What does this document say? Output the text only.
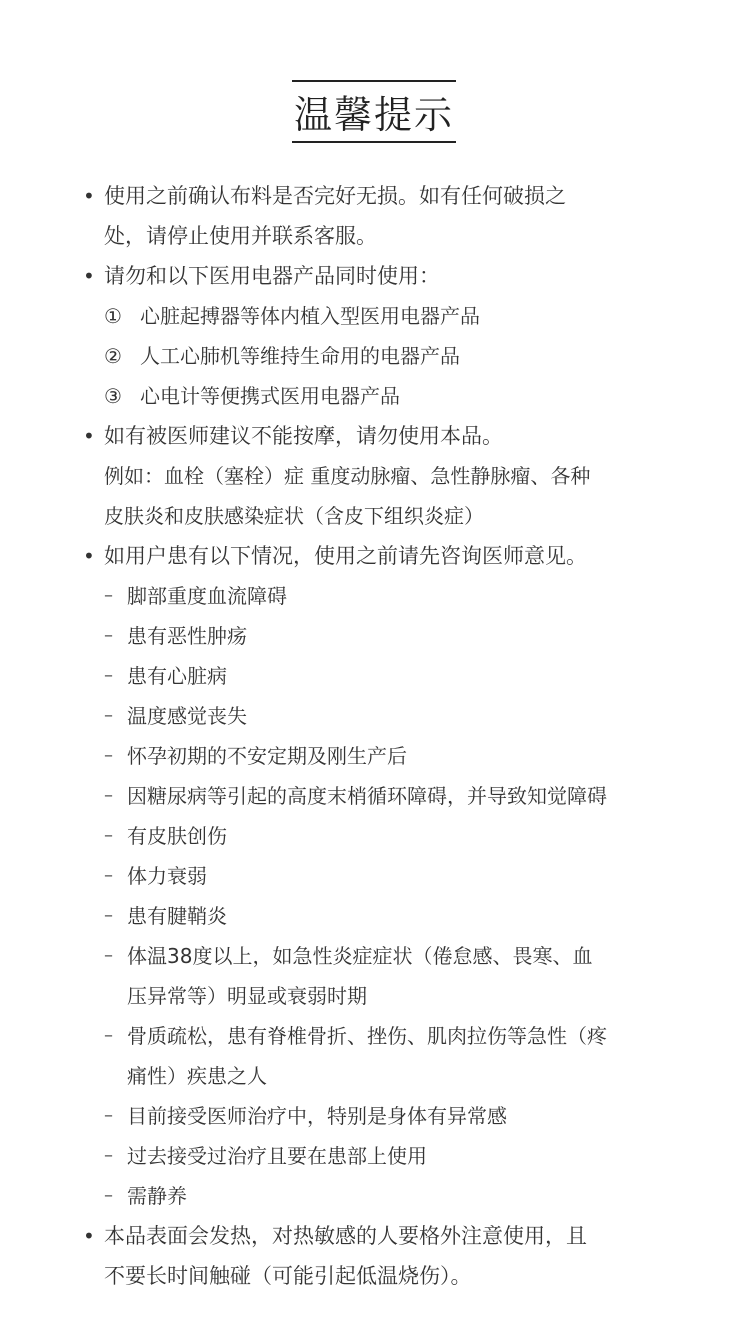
温馨提示
• 使用之前确认布料是否完好无损。如有任何破损之
处，请停止使用并联系客服。
• 请勿和以下医用电器产品同时使用：
① 心脏起搏器等体内植入型医用电器产品
② 人工心肺机等维持生命用的电器产品
③ 心电计等便携式医用电器产品
• 如有被医师建议不能按摩，请勿使用本品。
例如：血栓（塞栓）症 重度动脉瘤、急性静脉瘤、各种
皮肤炎和皮肤感染症状（含皮下组织炎症）
• 如用户患有以下情况，使用之前请先咨询医师意见。
– 脚部重度血流障碍
– 患有恶性肿疡
– 患有心脏病
– 温度感觉丧失
– 怀孕初期的不安定期及刚生产后
– 因糖尿病等引起的高度末梢循环障碍，并导致知觉障碍
– 有皮肤创伤
– 体力衰弱
– 患有腱鞘炎
– 体温38度以上，如急性炎症症状（倦怠感、畏寒、血
压异常等）明显或衰弱时期
– 骨质疏松，患有脊椎骨折、挫伤、肌肉拉伤等急性（疼
痛性）疾患之人
– 目前接受医师治疗中，特别是身体有异常感
– 过去接受过治疗且要在患部上使用
– 需静养
• 本品表面会发热，对热敏感的人要格外注意使用，且
不要长时间触碰（可能引起低温烧伤）。
